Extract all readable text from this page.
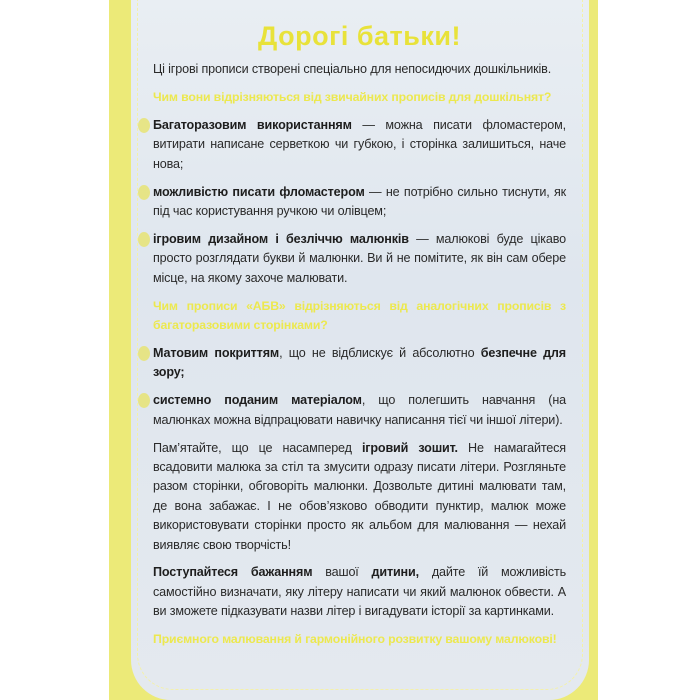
Дорогі батьки!

Ці ігрові прописи створені спеціально для непосидючих дошкільників.

Чим вони відрізняються від звичайних прописів для дошкільнят?

Багаторазовим використанням — можна писати фломастером, витирати написане серветкою чи губкою, і сторінка залишиться, наче нова;

можливістю писати фломастером — не потрібно сильно тиснути, як під час користування ручкою чи олівцем;

ігровим дизайном і безліччю малюнків — малюкові буде цікаво просто розглядати букви й малюнки. Ви й не помітите, як він сам обере місце, на якому захоче малювати.

Чим прописи «АБВ» відрізняються від аналогічних прописів з багаторазовими сторінками?

Матовим покриттям, що не відблискує й абсолютно безпечне для зору;

системно поданим матеріалом, що полегшить навчання (на малюнках можна відпрацювати навичку написання тієї чи іншої літери).

Пам’ятайте, що це насамперед ігровий зошит. Не намагайтеся всадовити малюка за стіл та змусити одразу писати літери. Розгляньте разом сторінки, обговоріть малюнки. Дозвольте дитині малювати там, де вона забажає. І не обов’язково обводити пунктир, малюк може використовувати сторінки просто як альбом для малювання — нехай виявляє свою творчість!

Поступайтеся бажанням вашої дитини, дайте їй можливість самостійно визначати, яку літеру написати чи який малюнок обвести. А ви зможете підказувати назви літер і вигадувати історії за картинками.

Приємного малювання й гармонійного розвитку вашому малюкові!
